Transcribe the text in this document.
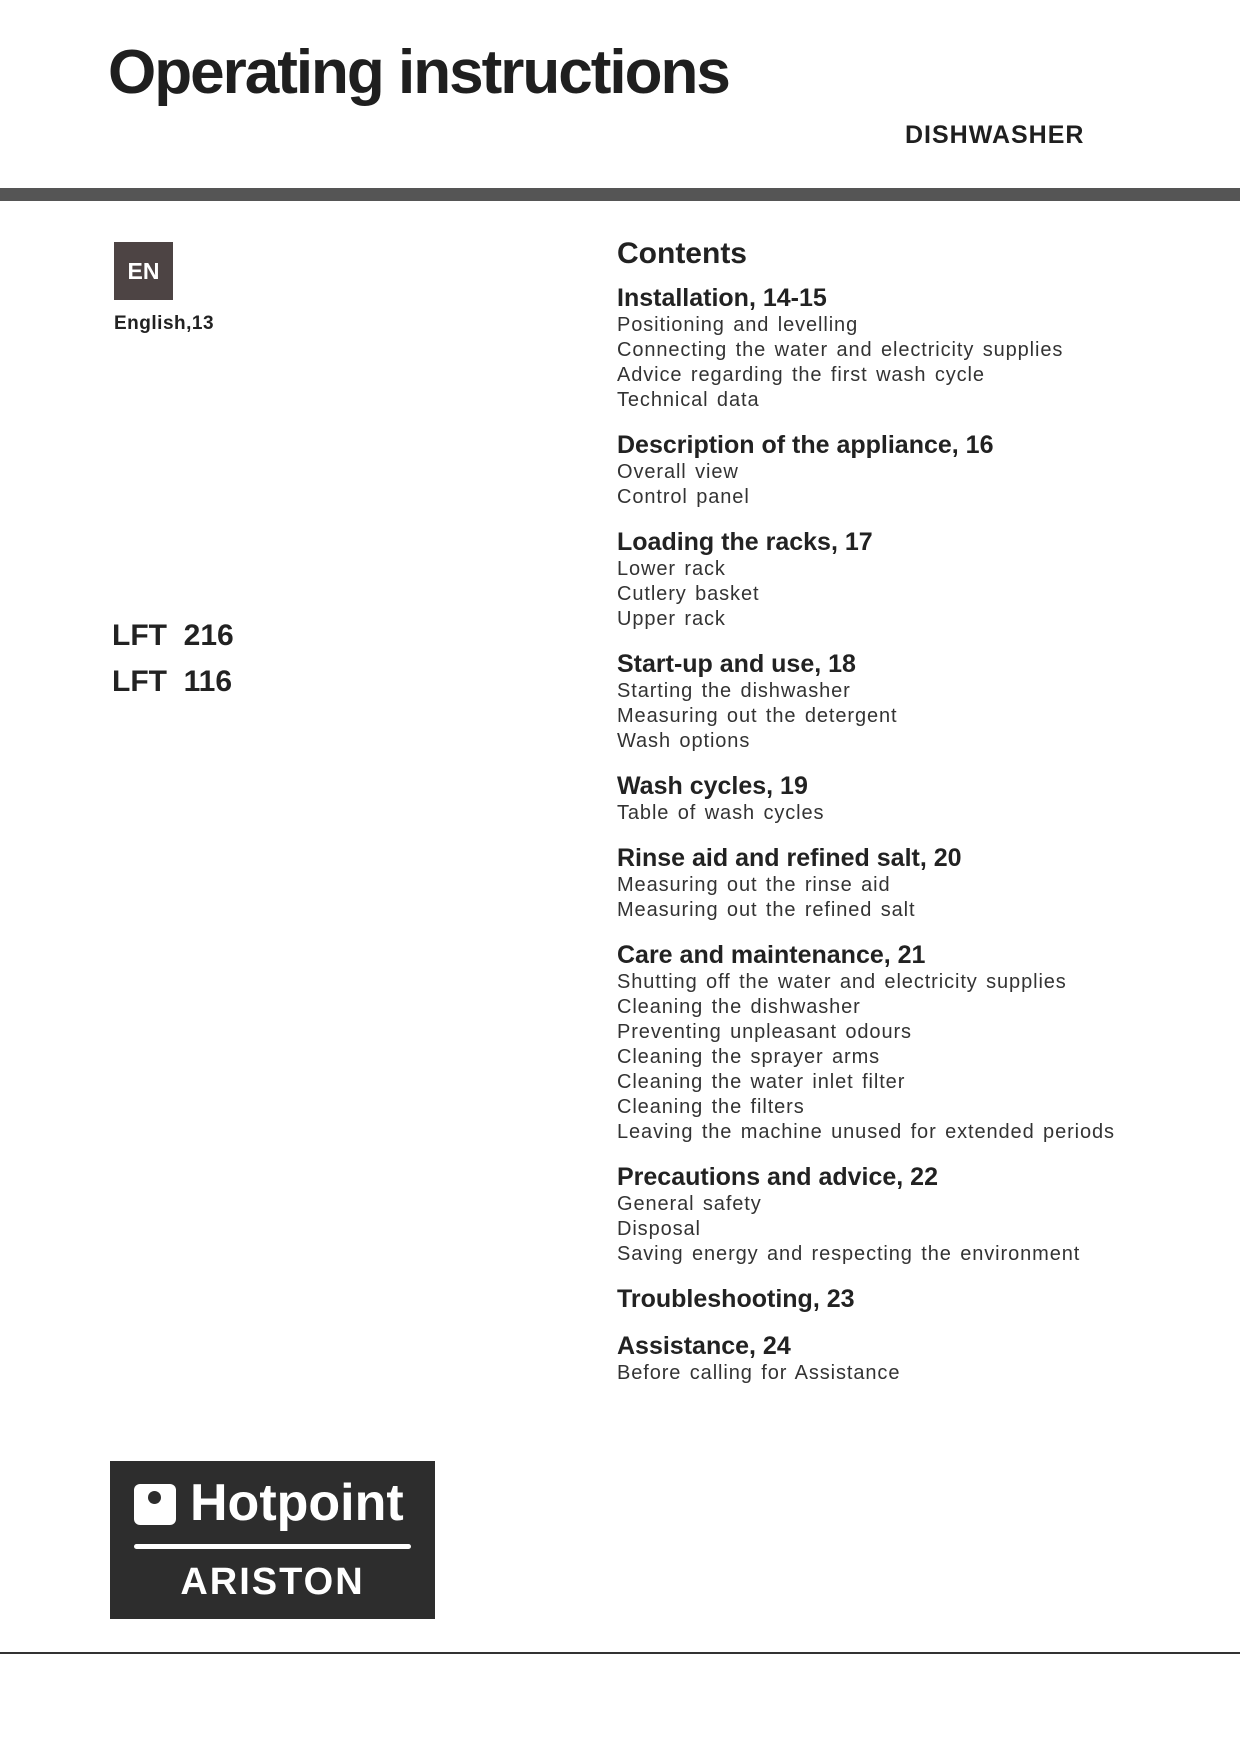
Operating instructions
DISHWASHER
EN
English,13
LFT  216
LFT  116
Hotpoint
ARISTON
Contents
Installation, 14-15
Positioning and levelling
Connecting the water and electricity supplies
Advice regarding the first wash cycle
Technical data
Description of the appliance, 16
Overall view
Control panel
Loading the racks, 17
Lower rack
Cutlery basket
Upper rack
Start-up and use, 18
Starting the dishwasher
Measuring out the detergent
Wash options
Wash cycles, 19
Table of wash cycles
Rinse aid and refined salt, 20
Measuring out the rinse aid
Measuring out the refined salt
Care and maintenance, 21
Shutting off the water and electricity supplies
Cleaning the dishwasher
Preventing unpleasant odours
Cleaning the sprayer arms
Cleaning the water inlet filter
Cleaning the filters
Leaving the machine unused for extended periods
Precautions and advice, 22
General safety
Disposal
Saving energy and respecting the environment
Troubleshooting, 23
Assistance, 24
Before calling for Assistance
